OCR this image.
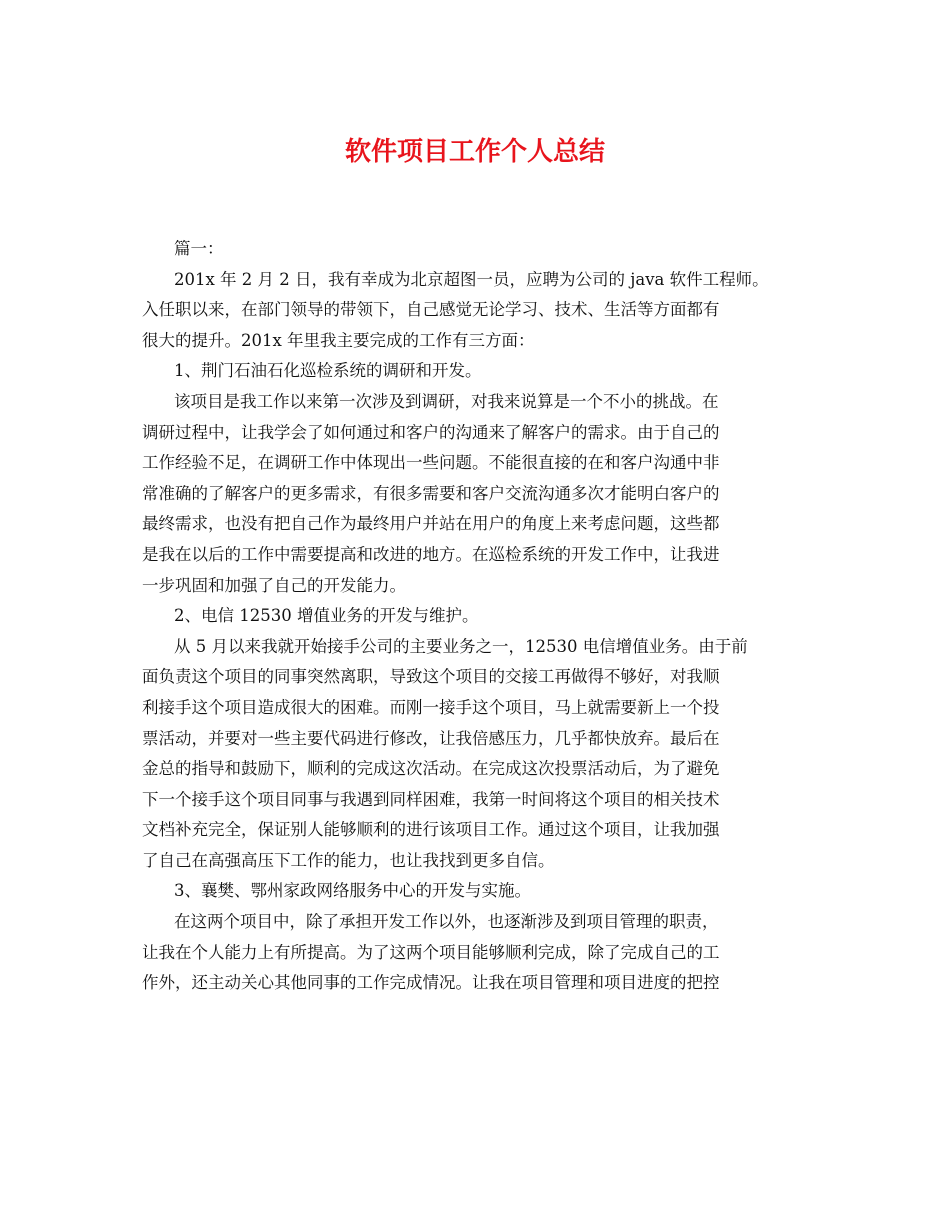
软件项目工作个人总结
篇一：
201x 年 2 月 2 日，我有幸成为北京超图一员，应聘为公司的 java 软件工程师。
入任职以来，在部门领导的带领下，自己感觉无论学习、技术、生活等方面都有
很大的提升。201x 年里我主要完成的工作有三方面：
1、荆门石油石化巡检系统的调研和开发。
该项目是我工作以来第一次涉及到调研，对我来说算是一个不小的挑战。在
调研过程中，让我学会了如何通过和客户的沟通来了解客户的需求。由于自己的
工作经验不足，在调研工作中体现出一些问题。不能很直接的在和客户沟通中非
常准确的了解客户的更多需求，有很多需要和客户交流沟通多次才能明白客户的
最终需求，也没有把自己作为最终用户并站在用户的角度上来考虑问题，这些都
是我在以后的工作中需要提高和改进的地方。在巡检系统的开发工作中，让我进
一步巩固和加强了自己的开发能力。
2、电信 12530 增值业务的开发与维护。
从 5 月以来我就开始接手公司的主要业务之一，12530 电信增值业务。由于前
面负责这个项目的同事突然离职，导致这个项目的交接工再做得不够好，对我顺
利接手这个项目造成很大的困难。而刚一接手这个项目，马上就需要新上一个投
票活动，并要对一些主要代码进行修改，让我倍感压力，几乎都快放弃。最后在
金总的指导和鼓励下，顺利的完成这次活动。在完成这次投票活动后，为了避免
下一个接手这个项目同事与我遇到同样困难，我第一时间将这个项目的相关技术
文档补充完全，保证别人能够顺利的进行该项目工作。通过这个项目，让我加强
了自己在高强高压下工作的能力，也让我找到更多自信。
3、襄樊、鄂州家政网络服务中心的开发与实施。
在这两个项目中，除了承担开发工作以外，也逐渐涉及到项目管理的职责，
让我在个人能力上有所提高。为了这两个项目能够顺利完成，除了完成自己的工
作外，还主动关心其他同事的工作完成情况。让我在项目管理和项目进度的把控
